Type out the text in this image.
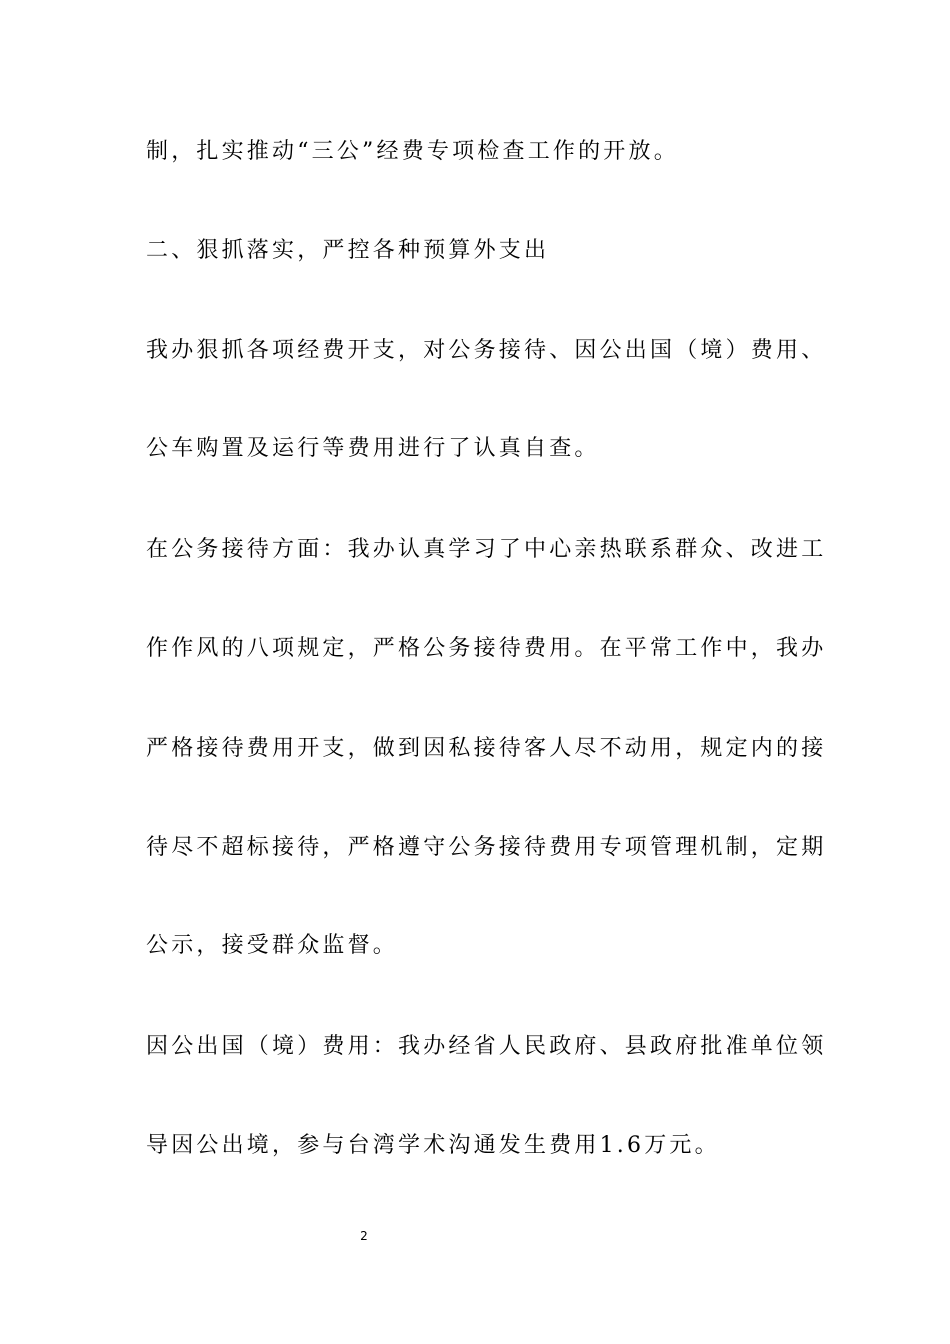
制，扎实推动“三公”经费专项检查工作的开放。
二、狠抓落实，严控各种预算外支出
我办狠抓各项经费开支，对公务接待、因公出国（境）费用、
公车购置及运行等费用进行了认真自查。
在公务接待方面：我办认真学习了中心亲热联系群众、改进工
作作风的八项规定，严格公务接待费用。在平常工作中，我办
严格接待费用开支，做到因私接待客人尽不动用，规定内的接
待尽不超标接待，严格遵守公务接待费用专项管理机制，定期
公示，接受群众监督。
因公出国（境）费用：我办经省人民政府、县政府批准单位领
导因公出境，参与台湾学术沟通发生费用1.6万元。
2
